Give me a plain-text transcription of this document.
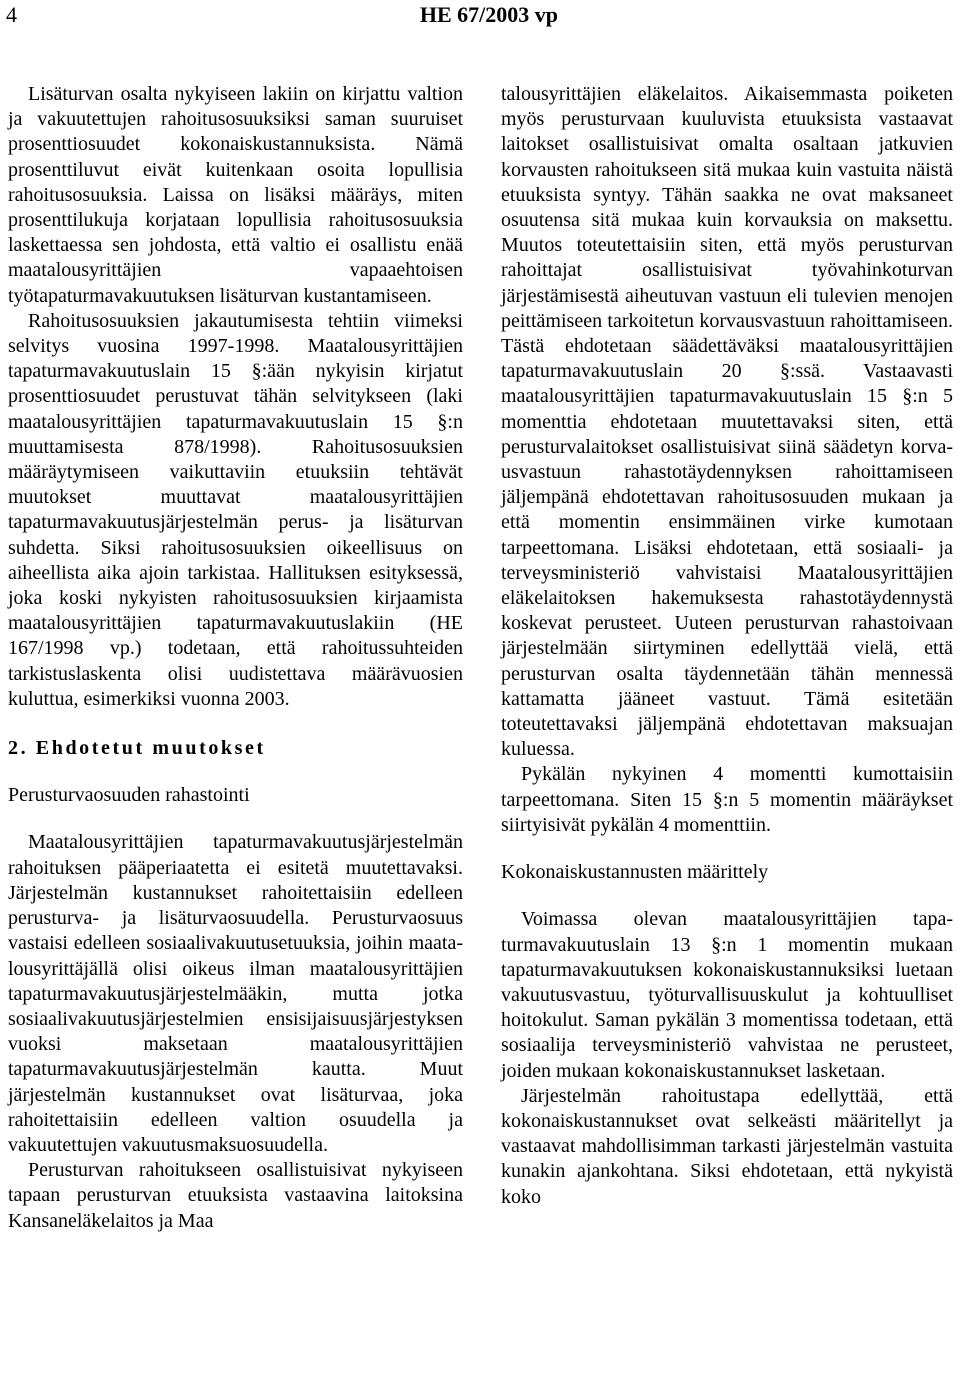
4	HE 67/2003 vp

Lisäturvan osalta nykyiseen lakiin on kirjattu valtion ja vakuutettujen rahoitusosuuksiksi saman suuruiset prosenttiosuudet kokonaiskustannuksista. Nämä prosenttiluvut eivät kuitenkaan osoita lopullisia rahoitusosuuksia. Laissa on lisäksi määräys, miten prosenttilukuja korjataan lopullisia rahoitusosuuksia laskettaessa sen johdosta, että valtio ei osallistu enää maatalousyrittäjien vapaaehtoisen työtapaturmavakuutuksen lisäturvan kustantamiseen.

Rahoitusosuuksien jakautumisesta tehtiin viimeksi selvitys vuosina 1997-1998. Maatalousyrittäjien tapaturmavakuutuslain 15 §:ään nykyisin kirjatut prosenttiosuudet perustuvat tähän selvitykseen (laki maatalousyrittäjien tapaturmavakuutuslain 15 §:n muuttamisesta 878/1998). Rahoitusosuuksien määräytymiseen vaikuttaviin etuuksiin tehtävät muutokset muuttavat maatalousyrittäjien tapaturmavakuutusjärjestelmän perus- ja lisäturvan suhdetta. Siksi rahoitusosuuksien oikeellisuus on aiheellista aika ajoin tarkistaa. Hallituksen esityksessä, joka koski nykyisten rahoitusosuuksien kirjaamista maatalousyrittäjien tapaturmavakuutuslakiin (HE 167/1998 vp.) todetaan, että rahoitussuhteiden tarkistuslaskenta olisi uudistettava määrävuosien kuluttua, esimerkiksi vuonna 2003.

2. Ehdotetut muutokset
Perusturvaosuuden rahastointi

Maatalousyrittäjien tapaturmavakuutusjärjestelmän rahoituksen pääperiaatetta ei esitetä muutettavaksi. Järjestelmän kustannukset rahoitettaisiin edelleen perusturva- ja lisäturvaosuudella. Perusturvaosuus vastaisi edelleen sosiaalivakuutusetuuksia, joihin maatalousyrittäjällä olisi oikeus ilman maatalousyrittäjien tapaturmavakuutusjärjestelmääkin, mutta jotka sosiaalivakuutusjärjestelmien ensisijaisuusjärjestyksen vuoksi maksetaan maatalousyrittäjien tapaturmavakuutusjärjestelmän kautta. Muut järjestelmän kustannukset ovat lisäturvaa, joka rahoitettaisiin edelleen valtion osuudella ja vakuutettujen vakuutusmaksuosuudella.

Perusturvan rahoitukseen osallistuisivat nykyiseen tapaan perusturvan etuuksista vastaavina laitoksina Kansaneläkelaitos ja Maa

talousyrittäjien eläkelaitos. Aikaisemmasta poiketen myös perusturvaan kuuluvista etuuksista vastaavat laitokset osallistuisivat omalta osaltaan jatkuvien korvausten rahoitukseen sitä mukaa kuin vastuita näistä etuuksista syntyy. Tähän saakka ne ovat maksaneet osuutensa sitä mukaa kuin korvauksia on maksettu. Muutos toteutettaisiin siten, että myös perusturvan rahoittajat osallistuisivat työvahinkoturvan järjestämisestä aiheutuvan vastuun eli tulevien menojen peittämiseen tarkoitetun korvausvastuun rahoittamiseen. Tästä ehdotetaan säädettäväksi maatalousyrittäjien tapaturmavakuutuslain 20 §:ssä. Vastaavasti maatalousyrittäjien tapaturmavakuutuslain 15 §:n 5 momenttia ehdotetaan muutettavaksi siten, että perusturvalaitokset osallistuisivat siinä säädetyn korvausvastuun rahastotäydennyksen rahoittamiseen jäljempänä ehdotettavan rahoitusosuuden mukaan ja että momentin ensimmäinen virke kumotaan tarpeettomana. Lisäksi ehdotetaan, että sosiaali- ja terveysministeriö vahvistaisi Maatalousyrittäjien eläkelaitoksen hakemuksesta rahastotäydennystä koskevat perusteet. Uuteen perusturvan rahastoivaan järjestelmään siirtyminen edellyttää vielä, että perusturvan osalta täydennetään tähän mennessä kattamatta jääneet vastuut. Tämä esitetään toteutettavaksi jäljempänä ehdotettavan maksuajan kuluessa.

Pykälän nykyinen 4 momentti kumottaisiin tarpeettomana. Siten 15 §:n 5 momentin määräykset siirtyisivät pykälän 4 momenttiin.

Kokonaiskustannusten määrittely

Voimassa olevan maatalousyrittäjien tapaturmavakuutuslain 13 §:n 1 momentin mukaan tapaturmavakuutuksen kokonaiskustannuksiksi luetaan vakuutusvastuu, työturvallisuuskulut ja kohtuulliset hoitokulut. Saman pykälän 3 momentissa todetaan, että sosiaalija terveysministeriö vahvistaa ne perusteet, joiden mukaan kokonaiskustannukset lasketaan.

Järjestelmän rahoitustapa edellyttää, että kokonaiskustannukset ovat selkeästi määritellyt ja vastaavat mahdollisimman tarkasti järjestelmän vastuita kunakin ajankohtana. Siksi ehdotetaan, että nykyistä koko
